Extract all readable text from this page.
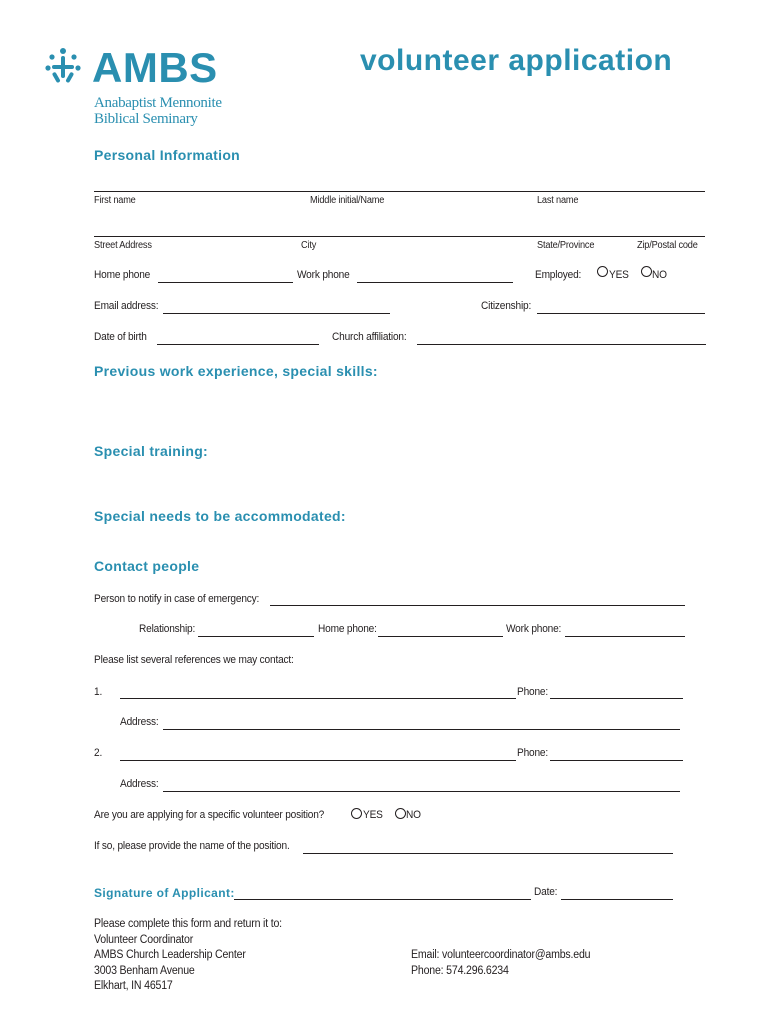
AMBS
Anabaptist Mennonite
Biblical Seminary
volunteer application
Personal Information
First name	Middle initial/Name	Last name
Street Address	City	State/Province	Zip/Postal code
Home phone	Work phone	Employed:	YES NO
Email address:	Citizenship:
Date of birth	Church affiliation:
Previous work experience, special skills:
Special training:
Special needs to be accommodated:
Contact people
Person to notify in case of emergency:
Relationship:	Home phone:	Work phone:
Please list several references we may contact:
1.	Phone:
Address:
2.	Phone:
Address:
Are you are applying for a specific volunteer position?	YES NO
If so, please provide the name of the position.
Signature of Applicant:	Date:
Please complete this form and return it to:
Volunteer Coordinator
AMBS Church Leadership Center
3003 Benham Avenue
Elkhart, IN 46517
Email: volunteercoordinator@ambs.edu
Phone: 574.296.6234
